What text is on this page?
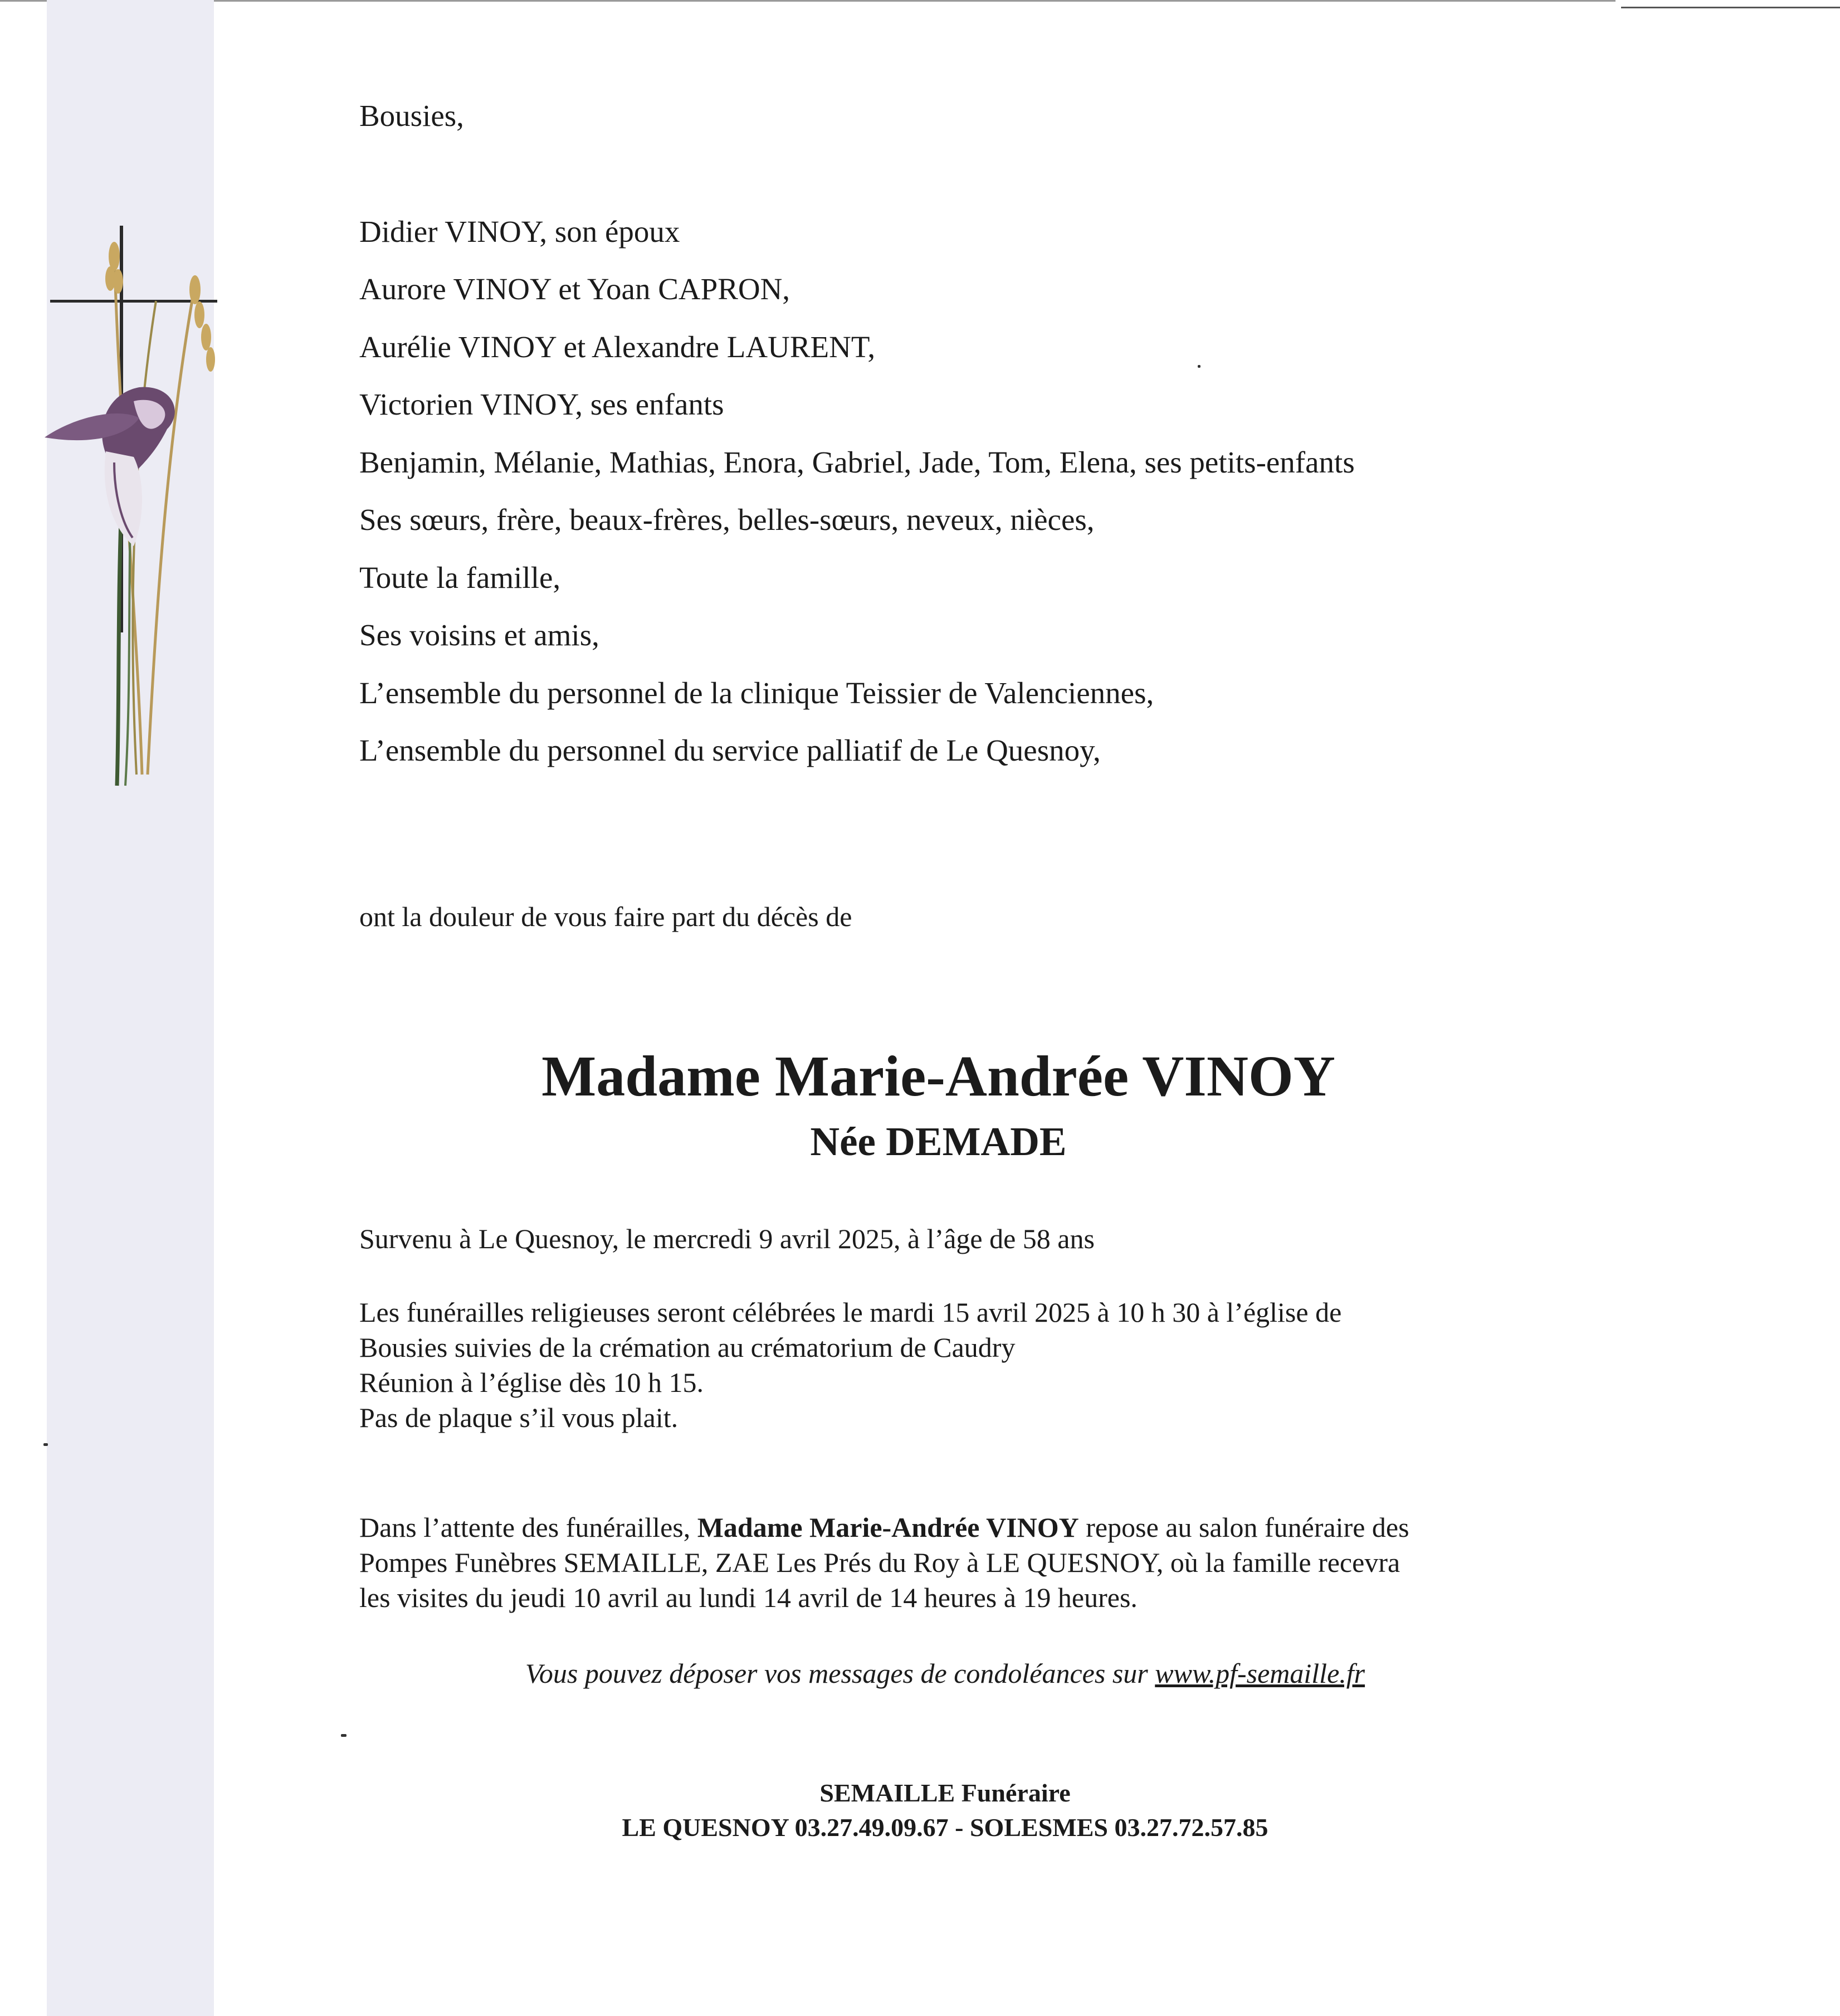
Bousies,
Didier VINOY, son époux
Aurore VINOY et Yoan CAPRON,
Aurélie VINOY et Alexandre LAURENT,
Victorien VINOY, ses enfants
Benjamin, Mélanie, Mathias, Enora, Gabriel, Jade, Tom, Elena, ses petits-enfants
Ses sœurs, frère, beaux-frères, belles-sœurs, neveux, nièces,
Toute la famille,
Ses voisins et amis,
L’ensemble du personnel de la clinique Teissier de Valenciennes,
L’ensemble du personnel du service palliatif de Le Quesnoy,
ont la douleur de vous faire part du décès de
Madame Marie-Andrée VINOY
Née DEMADE
Survenu à Le Quesnoy, le mercredi 9 avril 2025, à l’âge de 58 ans
Les funérailles religieuses seront célébrées le mardi 15 avril 2025 à 10 h 30 à l’église de
Bousies suivies de la crémation au crématorium de Caudry
Réunion à l’église dès 10 h 15.
Pas de plaque s’il vous plait.
Dans l’attente des funérailles, Madame Marie-Andrée VINOY repose au salon funéraire des
Pompes Funèbres SEMAILLE, ZAE Les Prés du Roy à LE QUESNOY, où la famille recevra
les visites du jeudi 10 avril au lundi 14 avril de 14 heures à 19 heures.
Vous pouvez déposer vos messages de condoléances sur www.pf-semaille.fr
SEMAILLE Funéraire
LE QUESNOY 03.27.49.09.67 - SOLESMES 03.27.72.57.85
